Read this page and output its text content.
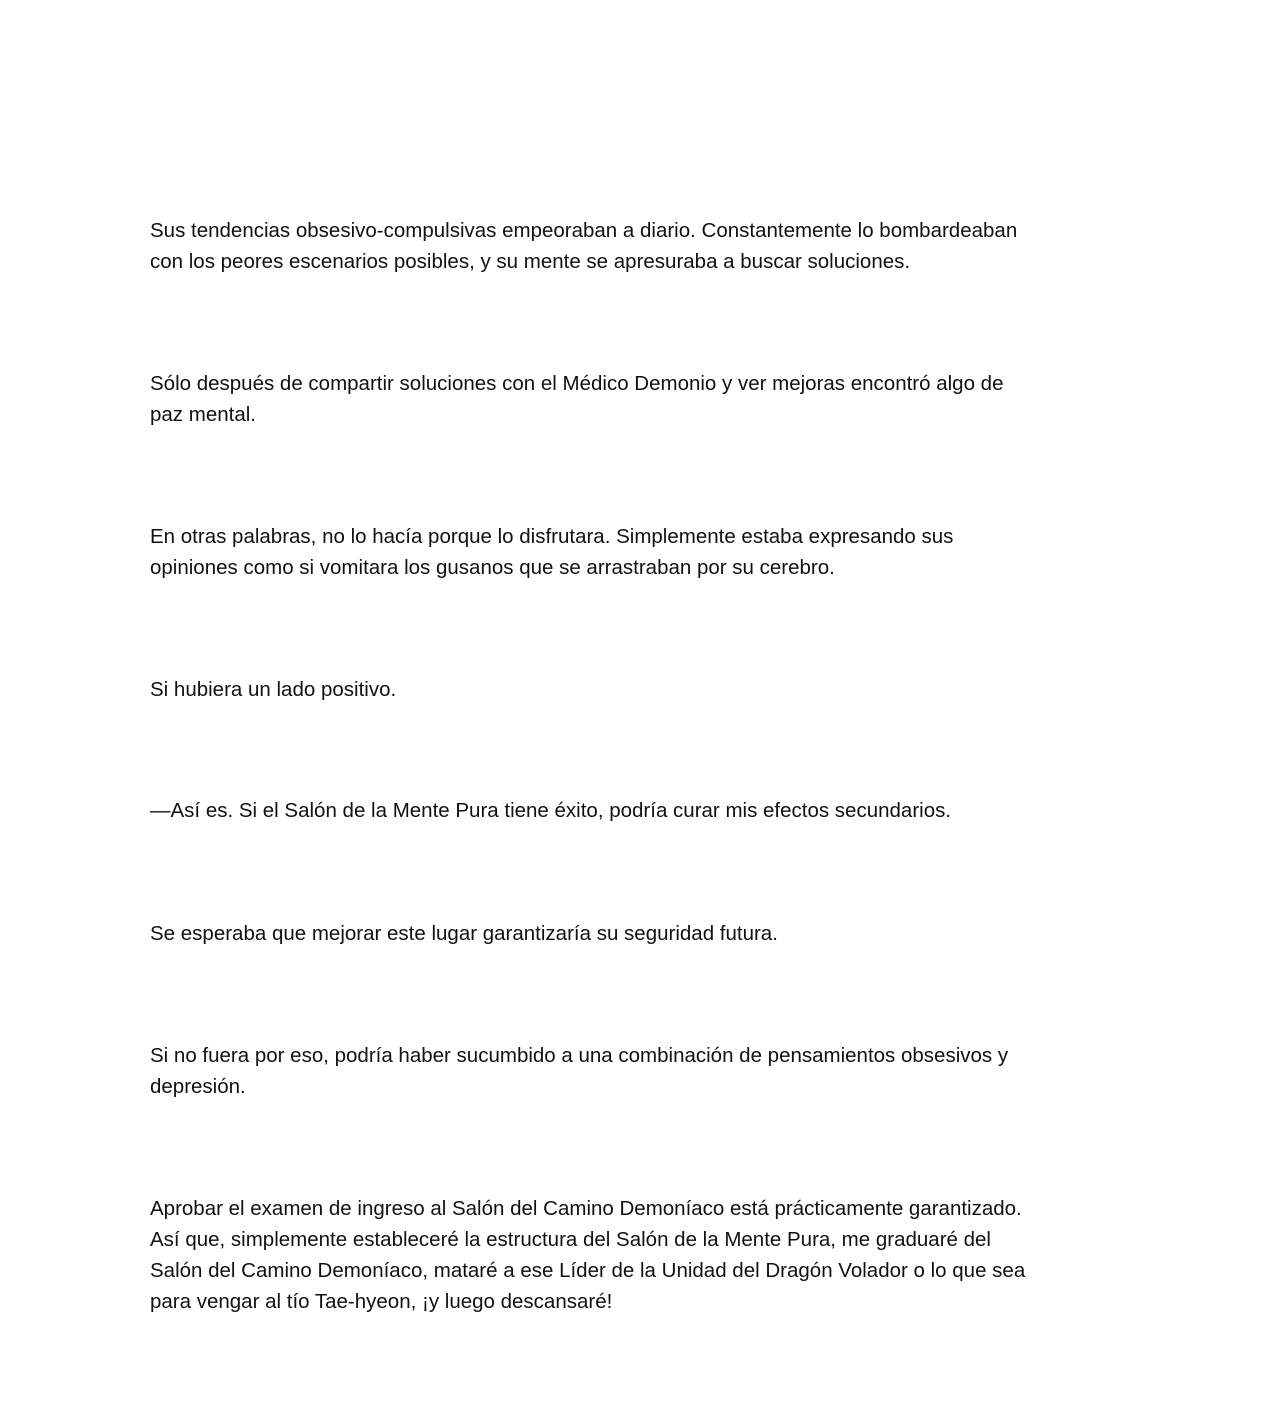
Sus tendencias obsesivo-compulsivas empeoraban a diario. Constantemente lo bombardeaban
con los peores escenarios posibles, y su mente se apresuraba a buscar soluciones.

Sólo después de compartir soluciones con el Médico Demonio y ver mejoras encontró algo de
paz mental.

En otras palabras, no lo hacía porque lo disfrutara. Simplemente estaba expresando sus
opiniones como si vomitara los gusanos que se arrastraban por su cerebro.

Si hubiera un lado positivo.

—Así es. Si el Salón de la Mente Pura tiene éxito, podría curar mis efectos secundarios.

Se esperaba que mejorar este lugar garantizaría su seguridad futura.

Si no fuera por eso, podría haber sucumbido a una combinación de pensamientos obsesivos y
depresión.

Aprobar el examen de ingreso al Salón del Camino Demoníaco está prácticamente garantizado.
Así que, simplemente estableceré la estructura del Salón de la Mente Pura, me graduaré del
Salón del Camino Demoníaco, mataré a ese Líder de la Unidad del Dragón Volador o lo que sea
para vengar al tío Tae-hyeon, ¡y luego descansaré!
